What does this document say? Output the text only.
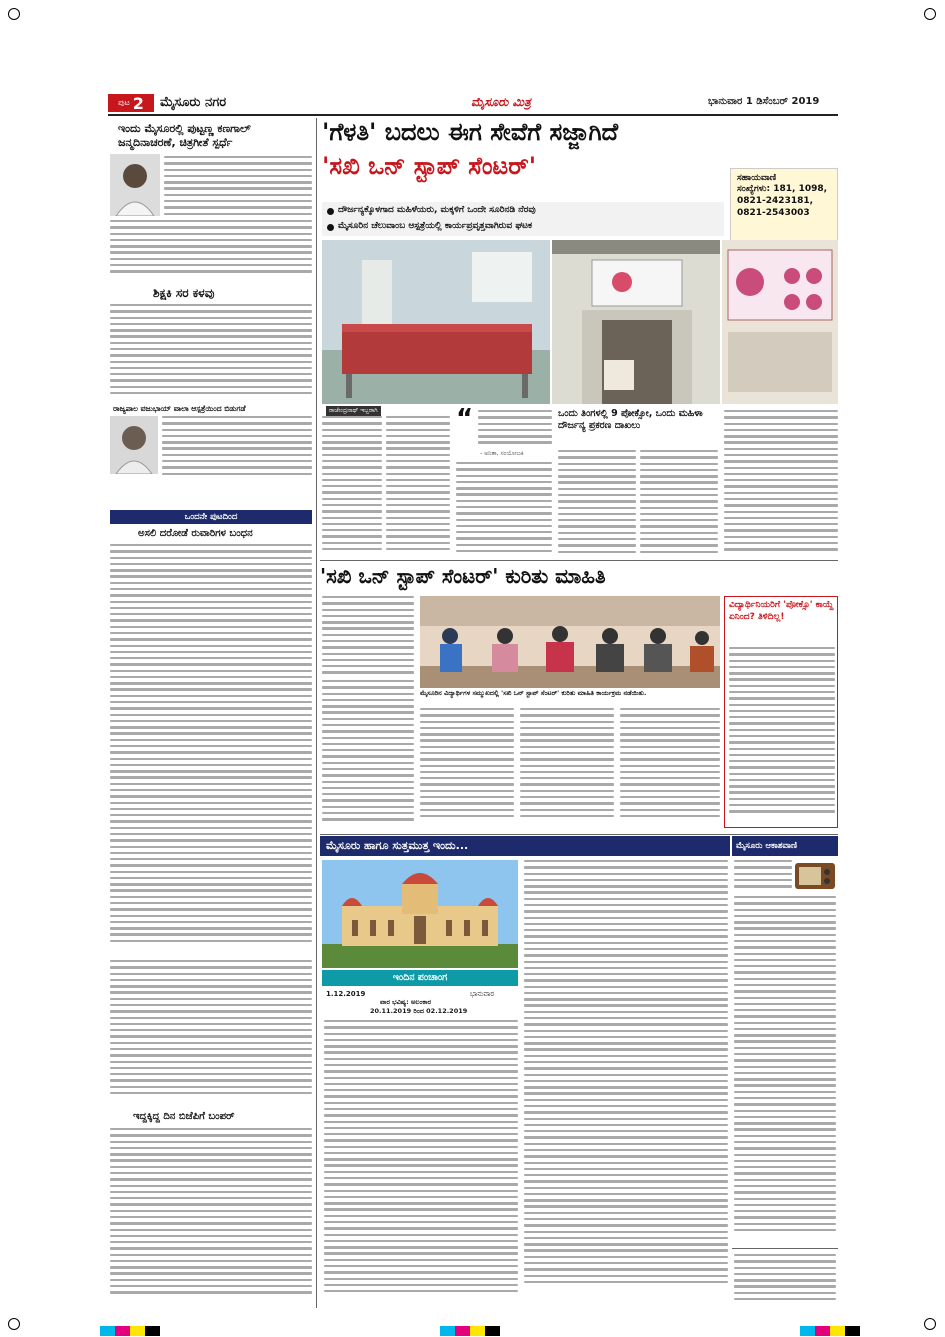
ಪುಟ 2 ಮೈಸೂರು ನಗರ	ಮೈಸೂರು ಮಿತ್ರ	ಭಾನುವಾರ 1 ಡಿಸೆಂಬರ್ 2019
ಇಂದು ಮೈಸೂರಲ್ಲಿ ಪುಟ್ಟಣ್ಣ ಕಣಗಾಲ್
ಜನ್ಮದಿನಾಚರಣೆ, ಚಿತ್ರಗೀತೆ ಸ್ಪರ್ಧೆ
ಶಿಕ್ಷಕಿ ಸರ ಕಳವು
ರಾಜ್ಯಪಾಲ ವಜುಭಾಯ್ ವಾಲಾ ಆಸ್ಪತ್ರೆಯಿಂದ ಬಿಡುಗಡೆ
ಒಂದನೇ ಪುಟದಿಂದ
ಅಸಲಿ ದರೋಡೆ ರುವಾರಿಗಳ ಬಂಧನ
ಇದ್ದಕ್ಕಿದ್ದ ದಿನ ಬಿಜೆಪಿಗೆ ಬಂಪರ್
'ಗೆಳತಿ' ಬದಲು ಈಗ ಸೇವೆಗೆ ಸಜ್ಜಾಗಿದೆ
'ಸಖಿ ಒನ್ ಸ್ಟಾಪ್ ಸೆಂಟರ್'
ದೌರ್ಜನ್ಯಕ್ಕೊಳಗಾದ ಮಹಿಳೆಯರು, ಮಕ್ಕಳಿಗೆ ಒಂದೇ ಸೂರಿನಡಿ ನೆರವು
ಮೈಸೂರಿನ ಚೆಲುವಾಂಬ ಆಸ್ಪತ್ರೆಯಲ್ಲಿ ಕಾರ್ಯಪ್ರವೃತ್ತವಾಗಿರುವ ಘಟಕ
ಸಹಾಯವಾಣಿ
ಸಂಖ್ಯೆಗಳು: 181, 1098, 0821-2423181, 0821-2543003
ರಾಜೇಂದ್ರನಾಥ್ ಇಬ್ಬರಾಗಿ	“
- ಅನಿತಾ, ಸಂಯೋಜಕಿ
ಒಂದು ತಿಂಗಳಲ್ಲಿ 9 ಪೋಕ್ಸೋ, ಒಂದು ಮಹಿಳಾ ದೌರ್ಜನ್ಯ ಪ್ರಕರಣ ದಾಖಲು
'ಸಖಿ ಒನ್ ಸ್ಟಾಪ್ ಸೆಂಟರ್' ಕುರಿತು ಮಾಹಿತಿ
ಮೈಸೂರಿನ ವಿದ್ಯಾರ್ಥಿಗಳ ಸಮ್ಮುಖದಲ್ಲಿ 'ಸಖಿ ಒನ್ ಸ್ಟಾಪ್ ಸೆಂಟರ್' ಕುರಿತು ಮಾಹಿತಿ ಕಾರ್ಯಕ್ರಮ ನಡೆಯಿತು.
ವಿದ್ಯಾರ್ಥಿನಿಯರಿಗೆ 'ಪೋಕ್ಸೊ' ಕಾಯ್ದೆ ಏನಿಂದ? ತಿಳಿದಿಲ್ಲ!
ಮೈಸೂರು ಹಾಗೂ ಸುತ್ತಮುತ್ತ ಇಂದು...
ಇಂದಿನ ಪಂಚಾಂಗ
1.12.2019	ಭಾನುವಾರ
ವಾರ ಭವಿಷ್ಯ: ಅಲಂಕಾರ
20.11.2019 ರಿಂದ 02.12.2019
ಮೈಸೂರು ಆಕಾಶವಾಣಿ
